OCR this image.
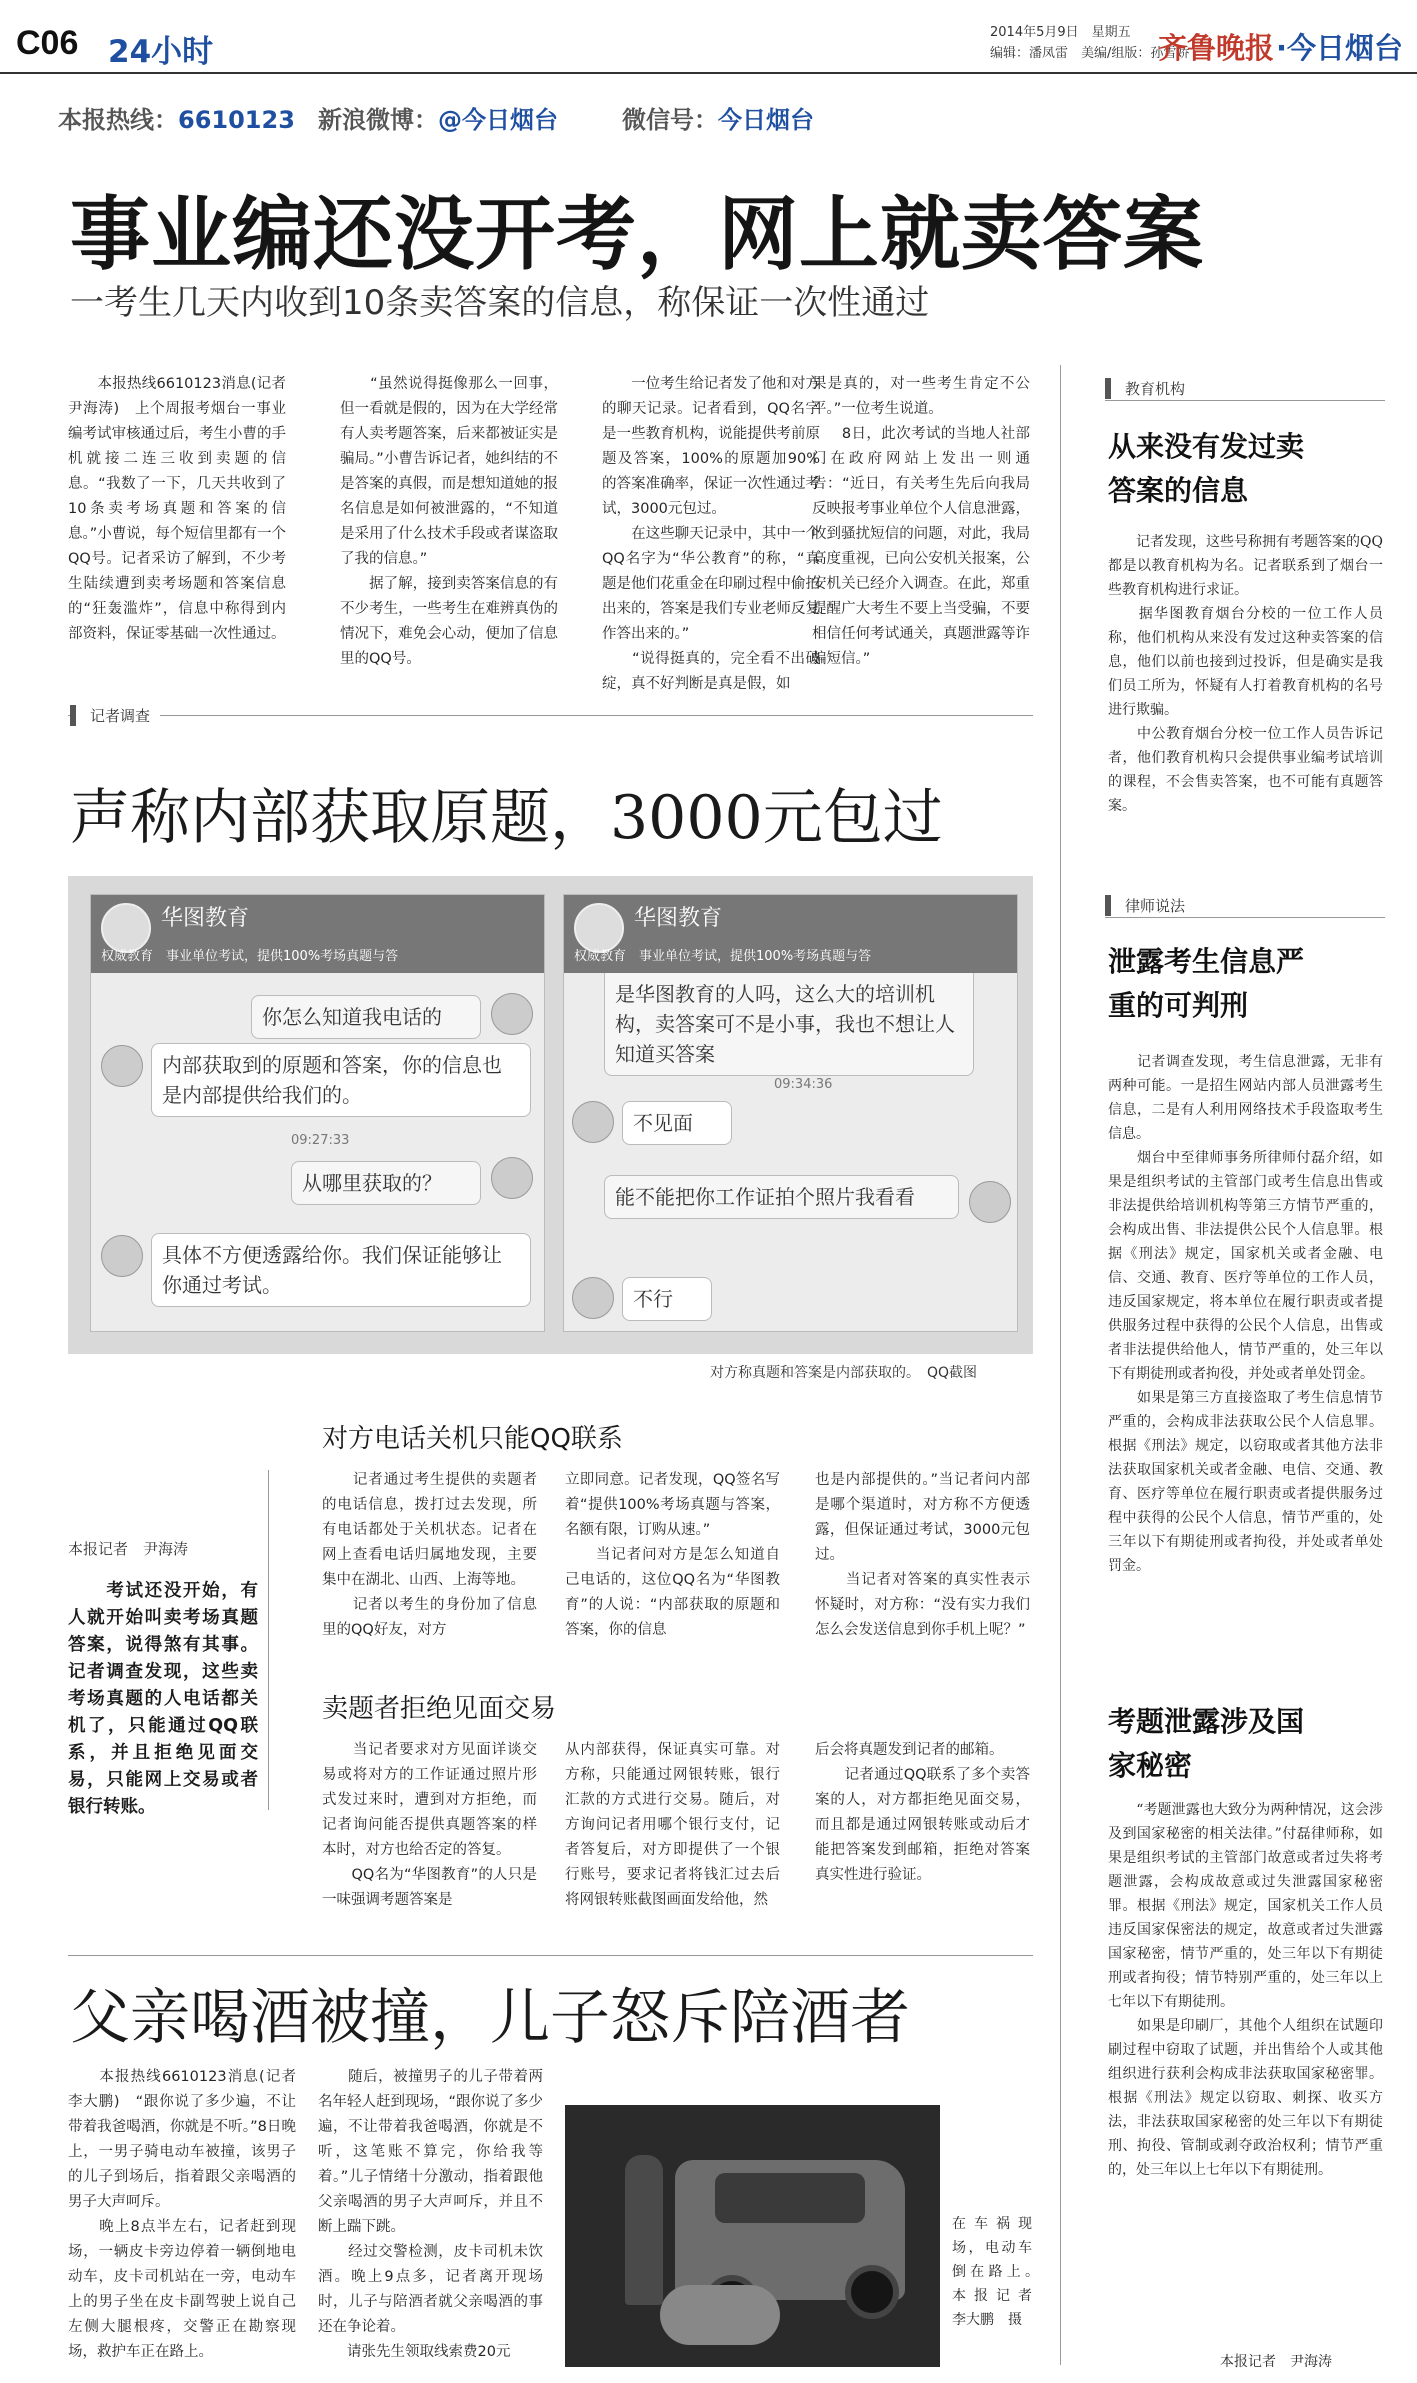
C06 24小时
2014年5月9日　星期五
编辑：潘凤雷　美编/组版：孙雪娇
齐鲁晚报 ·今日烟台
本报热线：6610123 新浪微博：@今日烟台	微信号：今日烟台
事业编还没开考，网上就卖答案
一考生几天内收到10条卖答案的信息，称保证一次性通过
　　本报热线6610123消息(记者　尹海涛)　上个周报考烟台一事业编考试审核通过后，考生小曹的手机就接二连三收到卖题的信息。“我数了一下，几天共收到了10条卖考场真题和答案的信息。”小曹说，每个短信里都有一个QQ号。记者采访了解到，不少考生陆续遭到卖考场题和答案信息的“狂轰滥炸”，信息中称得到内部资料，保证零基础一次性通过。
　　“虽然说得挺像那么一回事，但一看就是假的，因为在大学经常有人卖考题答案，后来都被证实是骗局。”小曹告诉记者，她纠结的不是答案的真假，而是想知道她的报名信息是如何被泄露的，“不知道是采用了什么技术手段或者谋盗取了我的信息。”
　　据了解，接到卖答案信息的有不少考生，一些考生在难辨真伪的情况下，难免会心动，便加了信息里的QQ号。
　　一位考生给记者发了他和对方的聊天记录。记者看到，QQ名字是一些教育机构，说能提供考前原题及答案，100%的原题加90%的答案准确率，保证一次性通过考试，3000元包过。
　　在这些聊天记录中，其中一个QQ名字为“华公教育”的称，“真题是他们花重金在印刷过程中偷拍出来的，答案是我们专业老师反复作答出来的。”
　　“说得挺真的，完全看不出破绽，真不好判断是真是假，如
果是真的，对一些考生肯定不公平。”一位考生说道。
　　8日，此次考试的当地人社部门在政府网站上发出一则通告：“近日，有关考生先后向我局反映报考事业单位个人信息泄露，收到骚扰短信的问题，对此，我局高度重视，已向公安机关报案，公安机关已经介入调查。在此，郑重提醒广大考生不要上当受骗，不要相信任何考试通关，真题泄露等诈骗短信。”
记者调查
声称内部获取原题，3000元包过
华图教育
权威教育　事业单位考试，提供100%考场真题与答
你怎么知道我电话的
内部获取到的原题和答案，你的信息也是内部提供给我们的。
09:27:33
从哪里获取的？
具体不方便透露给你。我们保证能够让你通过考试。
华图教育
权威教育　事业单位考试，提供100%考场真题与答
是华图教育的人吗，这么大的培训机构，卖答案可不是小事，我也不想让人知道买答案
09:34:36
不见面
能不能把你工作证拍个照片我看看
不行
对方称真题和答案是内部获取的。　QQ截图
对方电话关机只能QQ联系
本报记者　尹海涛
　　考试还没开始，有人就开始叫卖考场真题答案，说得煞有其事。记者调查发现，这些卖考场真题的人电话都关机了，只能通过QQ联系，并且拒绝见面交易，只能网上交易或者银行转账。
　　记者通过考生提供的卖题者的电话信息，拨打过去发现，所有电话都处于关机状态。记者在网上查看电话归属地发现，主要集中在湖北、山西、上海等地。
　　记者以考生的身份加了信息里的QQ好友，对方
立即同意。记者发现，QQ签名写着“提供100%考场真题与答案，名额有限，订购从速。”
　　当记者问对方是怎么知道自己电话的，这位QQ名为“华图教育”的人说：“内部获取的原题和答案，你的信息
也是内部提供的。”当记者问内部是哪个渠道时，对方称不方便透露，但保证通过考试，3000元包过。
　　当记者对答案的真实性表示怀疑时，对方称：“没有实力我们怎么会发送信息到你手机上呢？”
卖题者拒绝见面交易
　　当记者要求对方见面详谈交易或将对方的工作证通过照片形式发过来时，遭到对方拒绝，而记者询问能否提供真题答案的样本时，对方也给否定的答复。
　　QQ名为“华图教育”的人只是一味强调考题答案是
从内部获得，保证真实可靠。对方称，只能通过网银转账，银行汇款的方式进行交易。随后，对方询问记者用哪个银行支付，记者答复后，对方即提供了一个银行账号，要求记者将钱汇过去后将网银转账截图画面发给他，然
后会将真题发到记者的邮箱。
　　记者通过QQ联系了多个卖答案的人，对方都拒绝见面交易，而且都是通过网银转账或动后才能把答案发到邮箱，拒绝对答案真实性进行验证。
父亲喝酒被撞，儿子怒斥陪酒者
　　本报热线6610123消息(记者　李大鹏)　“跟你说了多少遍，不让带着我爸喝酒，你就是不听。”8日晚上，一男子骑电动车被撞，该男子的儿子到场后，指着跟父亲喝酒的男子大声呵斥。
　　晚上8点半左右，记者赶到现场，一辆皮卡旁边停着一辆倒地电动车，皮卡司机站在一旁，电动车上的男子坐在皮卡副驾驶上说自己左侧大腿根疼，交警正在勘察现场，救护车正在路上。
　　随后，被撞男子的儿子带着两名年轻人赶到现场，“跟你说了多少遍，不让带着我爸喝酒，你就是不听，这笔账不算完，你给我等着。”儿子情绪十分激动，指着跟他父亲喝酒的男子大声呵斥，并且不断上踹下跳。
　　经过交警检测，皮卡司机未饮酒。晚上9点多，记者离开现场时，儿子与陪酒者就父亲喝酒的事还在争论着。
　　请张先生领取线索费20元
在车祸现场，电动车倒在路上。　本报记者　李大鹏　摄
教育机构
从来没有发过卖答案的信息
　　记者发现，这些号称拥有考题答案的QQ都是以教育机构为名。记者联系到了烟台一些教育机构进行求证。
　　据华图教育烟台分校的一位工作人员称，他们机构从来没有发过这种卖答案的信息，他们以前也接到过投诉，但是确实是我们员工所为，怀疑有人打着教育机构的名号进行欺骗。
　　中公教育烟台分校一位工作人员告诉记者，他们教育机构只会提供事业编考试培训的课程，不会售卖答案，也不可能有真题答案。
律师说法
泄露考生信息严重的可判刑
　　记者调查发现，考生信息泄露，无非有两种可能。一是招生网站内部人员泄露考生信息，二是有人利用网络技术手段盗取考生信息。
　　烟台中至律师事务所律师付磊介绍，如果是组织考试的主管部门或考生信息出售或非法提供给培训机构等第三方情节严重的，会构成出售、非法提供公民个人信息罪。根据《刑法》规定，国家机关或者金融、电信、交通、教育、医疗等单位的工作人员，违反国家规定，将本单位在履行职责或者提供服务过程中获得的公民个人信息，出售或者非法提供给他人，情节严重的，处三年以下有期徒刑或者拘役，并处或者单处罚金。
　　如果是第三方直接盗取了考生信息情节严重的，会构成非法获取公民个人信息罪。根据《刑法》规定，以窃取或者其他方法非法获取国家机关或者金融、电信、交通、教育、医疗等单位在履行职责或者提供服务过程中获得的公民个人信息，情节严重的，处三年以下有期徒刑或者拘役，并处或者单处罚金。
考题泄露涉及国家秘密
　　“考题泄露也大致分为两种情况，这会涉及到国家秘密的相关法律。”付磊律师称，如果是组织考试的主管部门故意或者过失将考题泄露，会构成故意或过失泄露国家秘密罪。根据《刑法》规定，国家机关工作人员违反国家保密法的规定，故意或者过失泄露国家秘密，情节严重的，处三年以下有期徒刑或者拘役；情节特别严重的，处三年以上七年以下有期徒刑。
　　如果是印刷厂，其他个人组织在试题印刷过程中窃取了试题，并出售给个人或其他组织进行获利会构成非法获取国家秘密罪。根据《刑法》规定以窃取、刺探、收买方法，非法获取国家秘密的处三年以下有期徒刑、拘役、管制或剥夺政治权利；情节严重的，处三年以上七年以下有期徒刑。
本报记者　尹海涛
